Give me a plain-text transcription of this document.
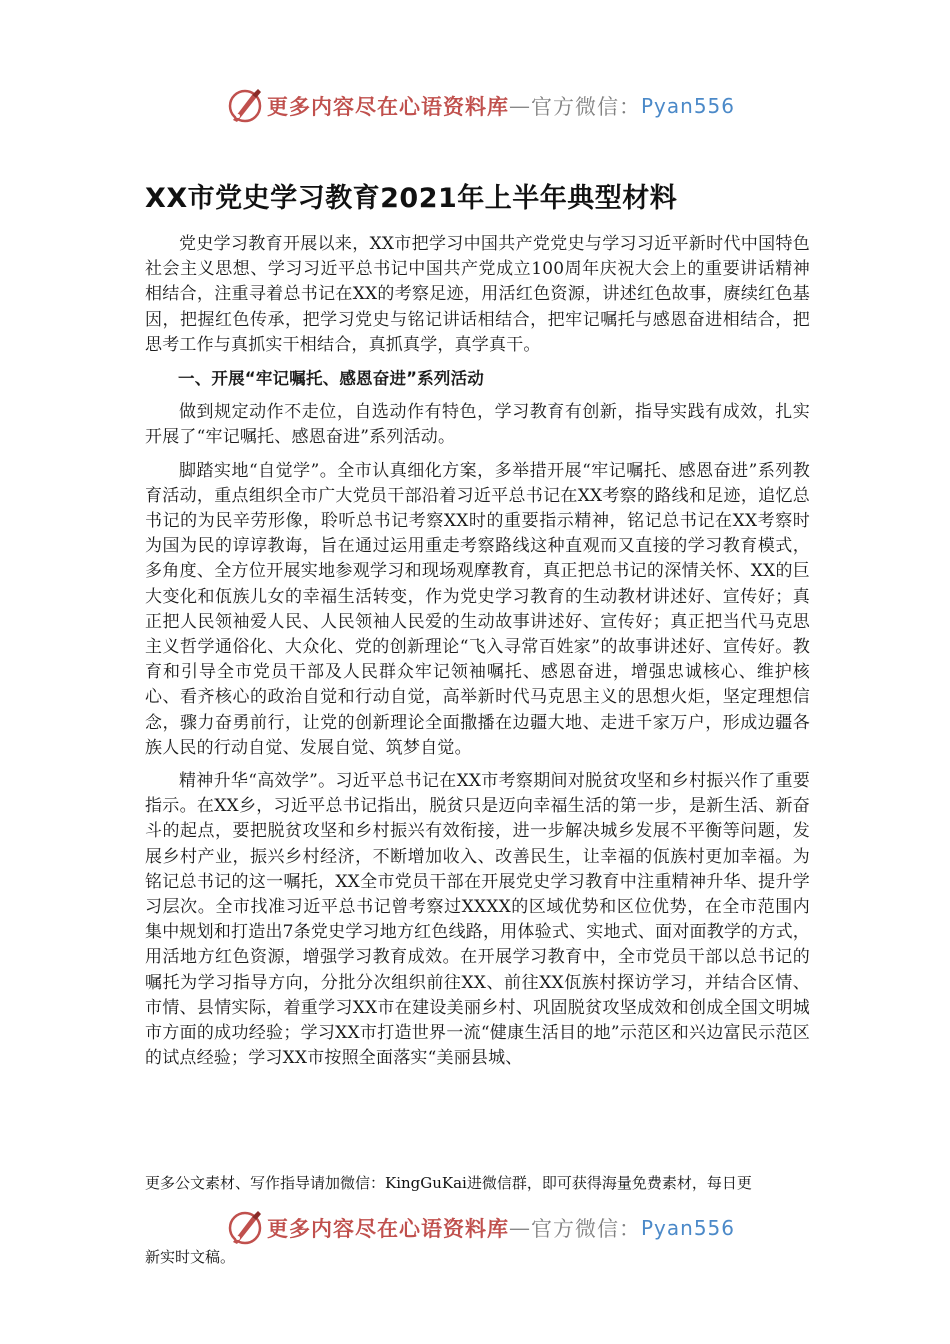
更多内容尽在心语资料库 — 官方微信： Pyan556
XX市党史学习教育2021年上半年典型材料

党史学习教育开展以来，XX市把学习中国共产党党史与学习习近平新时代中国特色社会主义思想、学习习近平总书记中国共产党成立100周年庆祝大会上的重要讲话精神相结合，注重寻着总书记在XX的考察足迹，用活红色资源，讲述红色故事，赓续红色基因，把握红色传承，把学习党史与铭记讲话相结合，把牢记嘱托与感恩奋进相结合，把思考工作与真抓实干相结合，真抓真学，真学真干。

一、开展“牢记嘱托、感恩奋进”系列活动

做到规定动作不走位，自选动作有特色，学习教育有创新，指导实践有成效，扎实开展了“牢记嘱托、感恩奋进”系列活动。

脚踏实地“自觉学”。全市认真细化方案，多举措开展“牢记嘱托、感恩奋进”系列教育活动，重点组织全市广大党员干部沿着习近平总书记在XX考察的路线和足迹，追忆总书记的为民辛劳形像，聆听总书记考察XX时的重要指示精神，铭记总书记在XX考察时为国为民的谆谆教诲，旨在通过运用重走考察路线这种直观而又直接的学习教育模式，多角度、全方位开展实地参观学习和现场观摩教育，真正把总书记的深情关怀、XX的巨大变化和佤族儿女的幸福生活转变，作为党史学习教育的生动教材讲述好、宣传好；真正把人民领袖爱人民、人民领袖人民爱的生动故事讲述好、宣传好；真正把当代马克思主义哲学通俗化、大众化、党的创新理论“飞入寻常百姓家”的故事讲述好、宣传好。教育和引导全市党员干部及人民群众牢记领袖嘱托、感恩奋进，增强忠诚核心、维护核心、看齐核心的政治自觉和行动自觉，高举新时代马克思主义的思想火炬，坚定理想信念，骤力奋勇前行，让党的创新理论全面撒播在边疆大地、走进千家万户，形成边疆各族人民的行动自觉、发展自觉、筑梦自觉。

精神升华“高效学”。习近平总书记在XX市考察期间对脱贫攻坚和乡村振兴作了重要指示。在XX乡，习近平总书记指出，脱贫只是迈向幸福生活的第一步，是新生活、新奋斗的起点，要把脱贫攻坚和乡村振兴有效衔接，进一步解决城乡发展不平衡等问题，发展乡村产业，振兴乡村经济，不断增加收入、改善民生，让幸福的佤族村更加幸福。为铭记总书记的这一嘱托，XX全市党员干部在开展党史学习教育中注重精神升华、提升学习层次。全市找准习近平总书记曾考察过XXXX的区域优势和区位优势，在全市范围内集中规划和打造出7条党史学习地方红色线路，用体验式、实地式、面对面教学的方式，用活地方红色资源，增强学习教育成效。在开展学习教育中，全市党员干部以总书记的嘱托为学习指导方向，分批分次组织前往XX、前往XX佤族村探访学习，并结合区情、市情、县情实际，着重学习XX市在建设美丽乡村、巩固脱贫攻坚成效和创成全国文明城市方面的成功经验；学习XX市打造世界一流“健康生活目的地”示范区和兴边富民示范区的试点经验；学习XX市按照全面落实“美丽县城、

更多公文素材、写作指导请加微信：KingGuKai进微信群，即可获得海量免费素材，每日更
更多内容尽在心语资料库 — 官方微信： Pyan556
新实时文稿。
